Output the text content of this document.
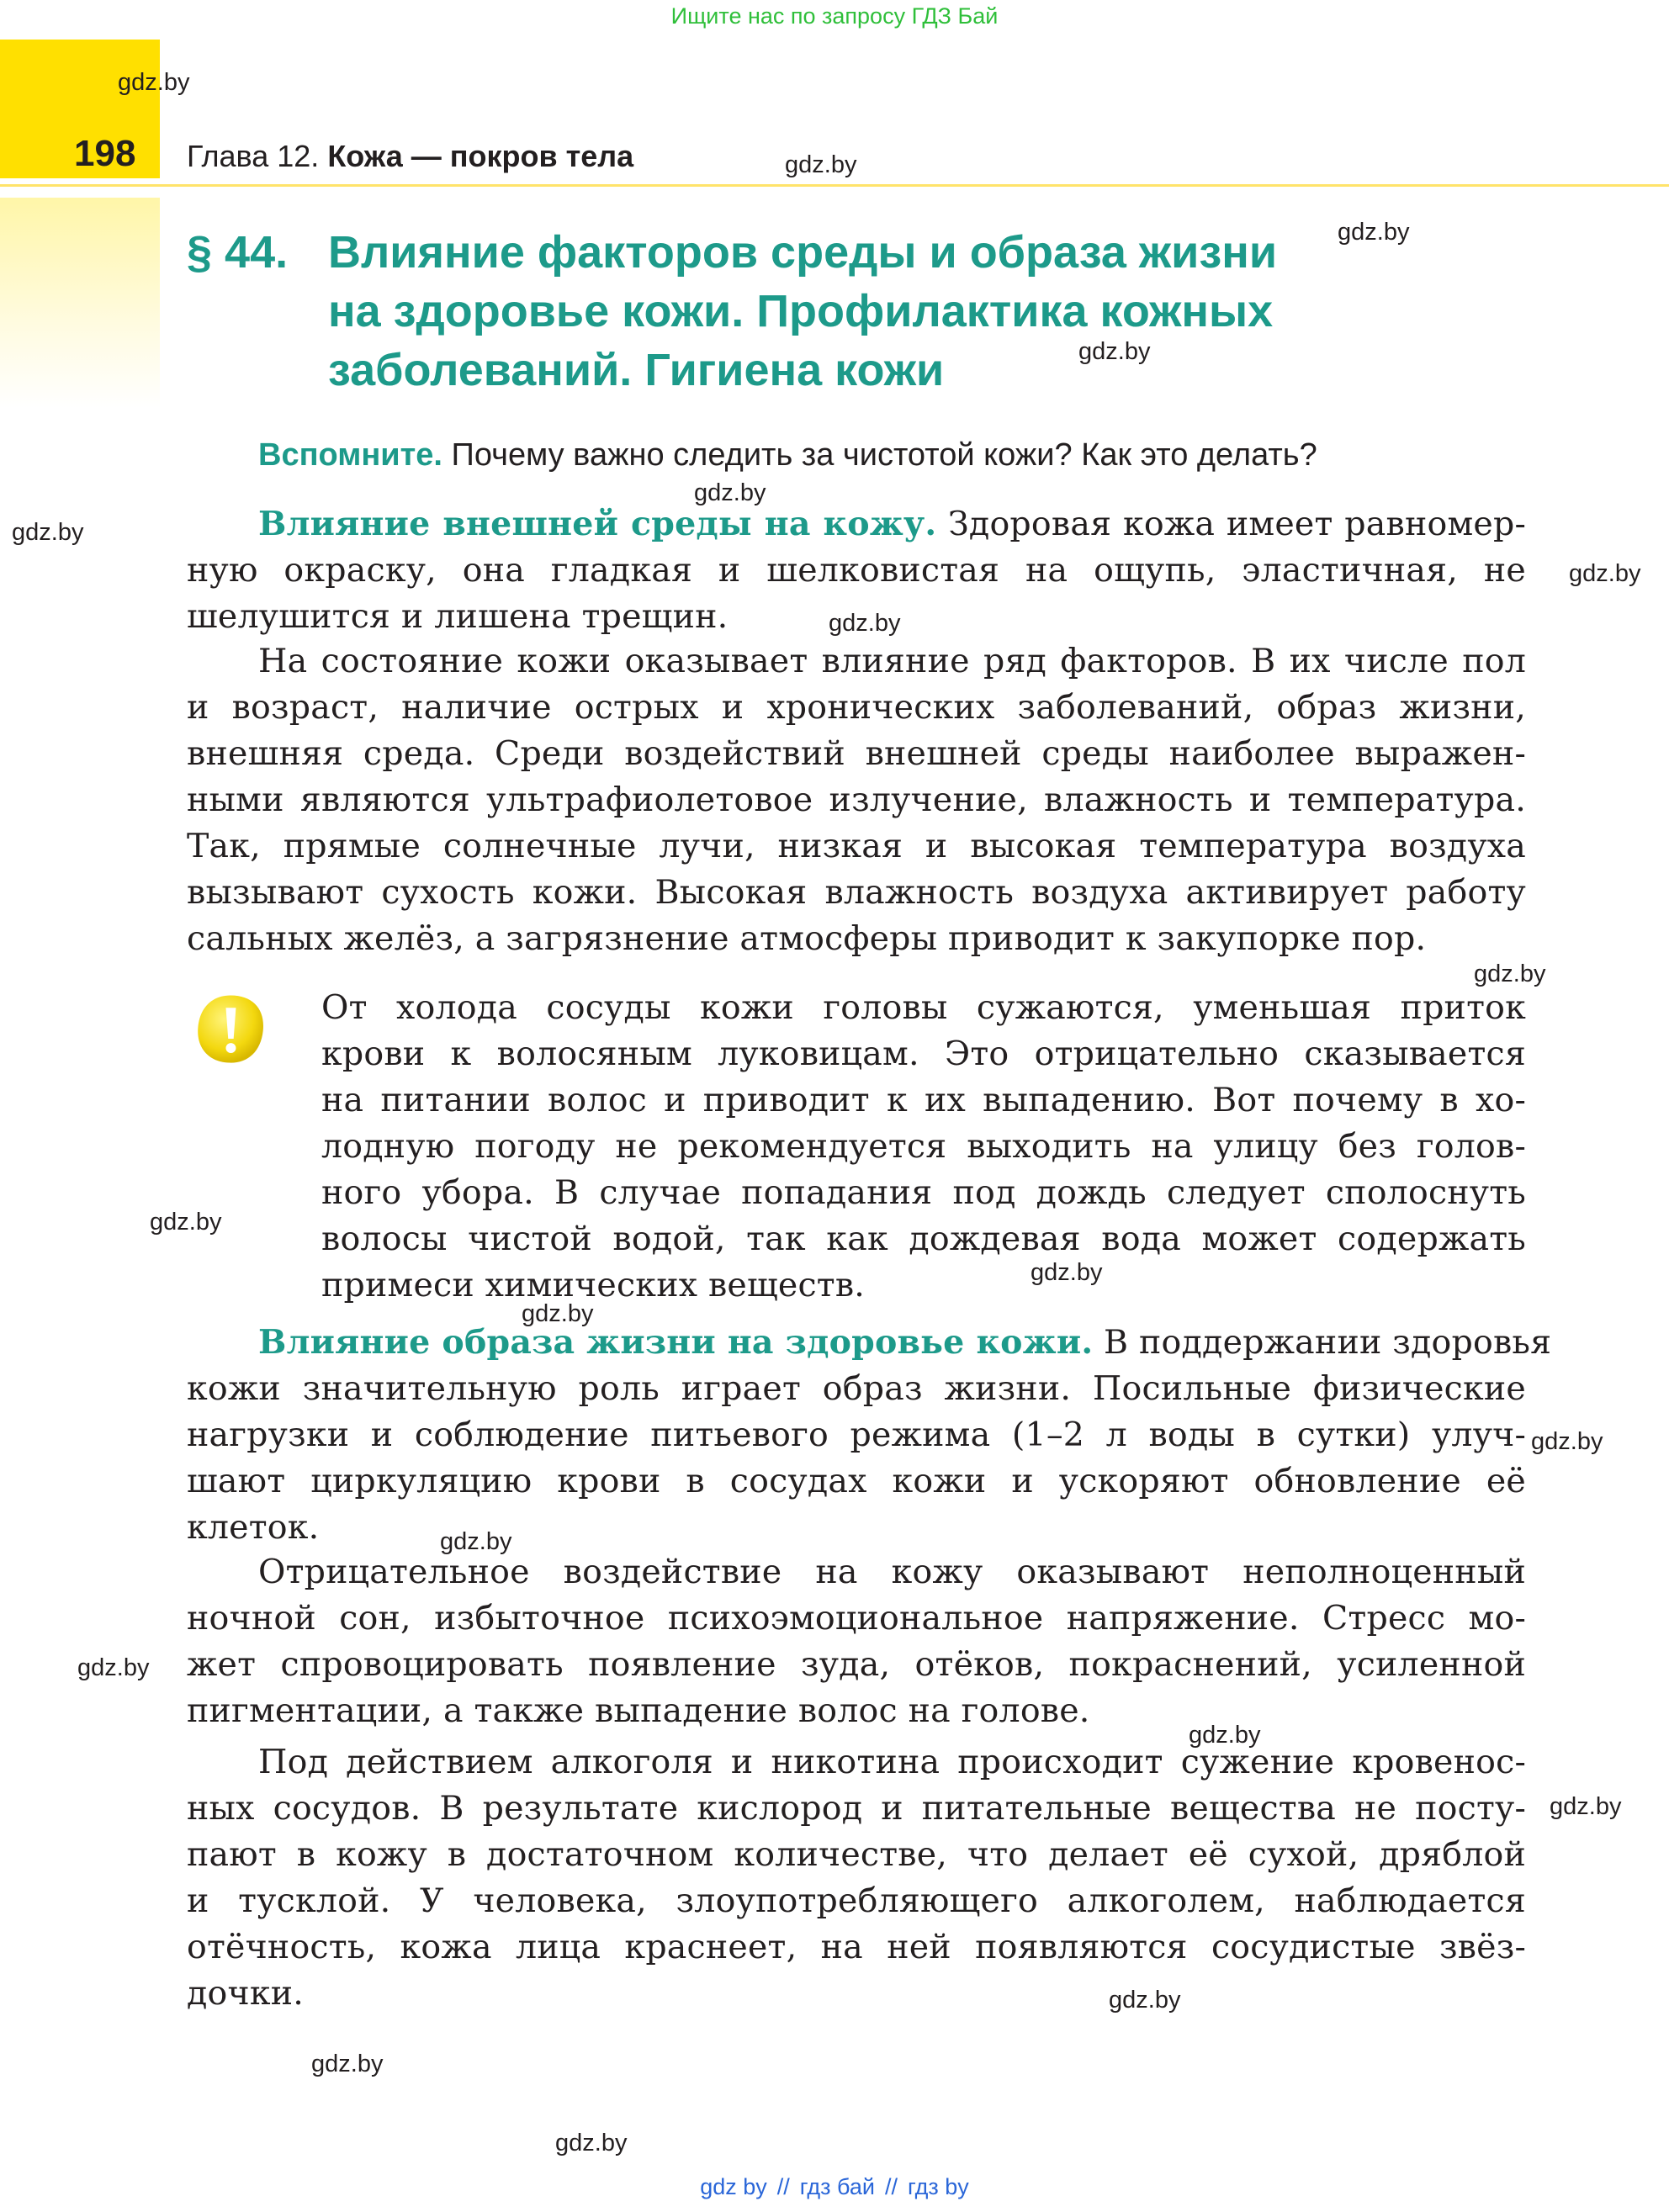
Ищите нас по запросу ГДЗ Бай
198 Глава 12. Кожа — покров тела
§ 44. Влияние факторов среды и образа жизни
на здоровье кожи. Профилактика кожных
заболеваний. Гигиена кожи
Вспомните. Почему важно следить за чистотой кожи? Как это делать?
Влияние внешней среды на кожу. Здоровая кожа имеет равномер-
ную окраску, она гладкая и шелковистая на ощупь, эластичная, не
шелушится и лишена трещин.
На состояние кожи оказывает влияние ряд факторов. В их числе пол
и возраст, наличие острых и хронических заболеваний, образ жизни,
внешняя среда. Среди воздействий внешней среды наиболее выражен-
ными являются ультрафиолетовое излучение, влажность и температура.
Так, прямые солнечные лучи, низкая и высокая температура воздуха
вызывают сухость кожи. Высокая влажность воздуха активирует работу
сальных желёз, а загрязнение атмосферы приводит к закупорке пор.
От холода сосуды кожи головы сужаются, уменьшая приток
крови к волосяным луковицам. Это отрицательно сказывается
на питании волос и приводит к их выпадению. Вот почему в хо-
лодную погоду не рекомендуется выходить на улицу без голов-
ного убора. В случае попадания под дождь следует сполоснуть
волосы чистой водой, так как дождевая вода может содержать
примеси химических веществ.
Влияние образа жизни на здоровье кожи. В поддержании здоровья
кожи значительную роль играет образ жизни. Посильные физические
нагрузки и соблюдение питьевого режима (1–2 л воды в сутки) улуч-
шают циркуляцию крови в сосудах кожи и ускоряют обновление её
клеток.
Отрицательное воздействие на кожу оказывают неполноценный
ночной сон, избыточное психоэмоциональное напряжение. Стресс мо-
жет спровоцировать появление зуда, отёков, покраснений, усиленной
пигментации, а также выпадение волос на голове.
Под действием алкоголя и никотина происходит сужение кровенос-
ных сосудов. В результате кислород и питательные вещества не посту-
пают в кожу в достаточном количестве, что делает её сухой, дряблой
и тусклой. У человека, злоупотребляющего алкоголем, наблюдается
отёчность, кожа лица краснеет, на ней появляются сосудистые звёз-
дочки.
gdz.by
gdz.by
gdz.by
gdz.by
gdz.by
gdz.by
gdz.by
gdz.by
gdz.by
gdz.by
gdz.by
gdz.by
gdz.by
gdz.by
gdz.by
gdz.by
gdz.by
gdz.by
gdz.by
gdz.by
gdz by // гдз бай // гдз by
